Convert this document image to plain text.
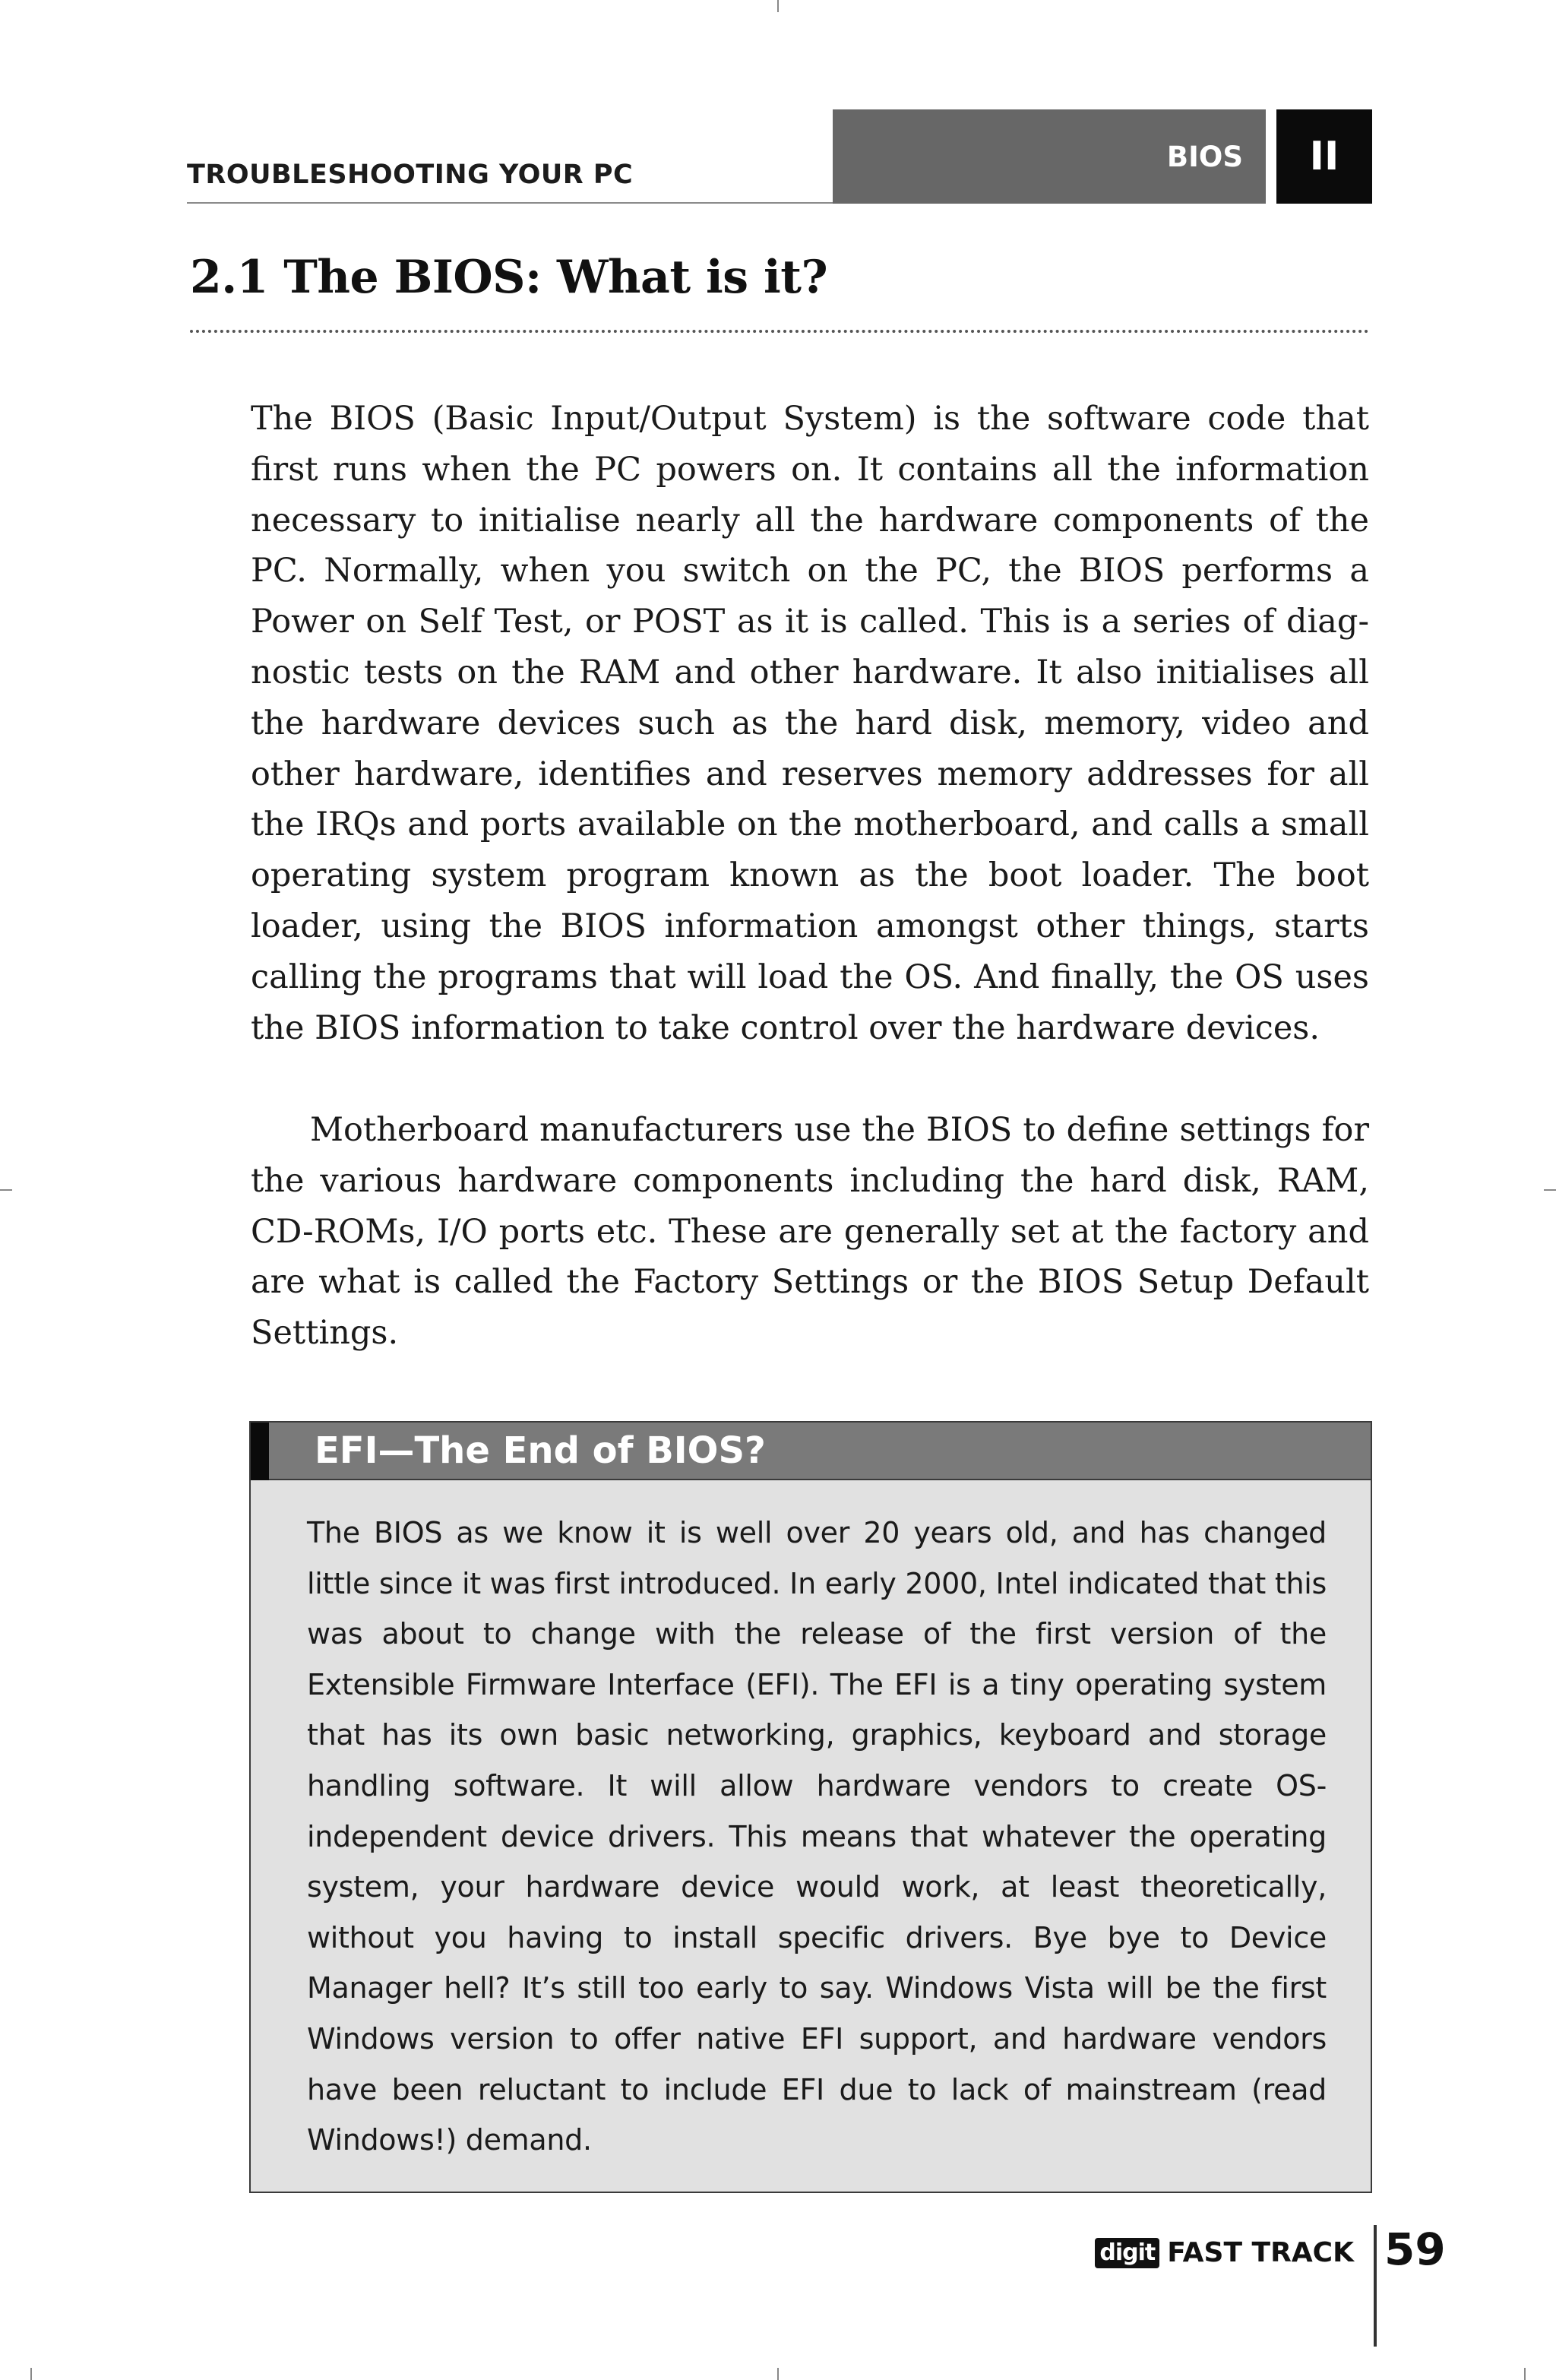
TROUBLESHOOTING YOUR PC
BIOS II
2.1 The BIOS: What is it?

The BIOS (Basic Input/Output System) is the software code that first runs when the PC powers on. It contains all the information necessary to initialise nearly all the hardware components of the PC. Normally, when you switch on the PC, the BIOS performs a Power on Self Test, or POST as it is called. This is a series of diagnostic tests on the RAM and other hardware. It also initialises all the hardware devices such as the hard disk, memory, video and other hardware, identifies and reserves memory addresses for all the IRQs and ports available on the motherboard, and calls a small operating system program known as the boot loader. The boot loader, using the BIOS information amongst other things, starts calling the programs that will load the OS. And finally, the OS uses the BIOS information to take control over the hardware devices.

Motherboard manufacturers use the BIOS to define settings for the various hardware components including the hard disk, RAM, CD-ROMs, I/O ports etc. These are generally set at the factory and are what is called the Factory Settings or the BIOS Setup Default Settings.

EFI—The End of BIOS?

The BIOS as we know it is well over 20 years old, and has changed little since it was first introduced. In early 2000, Intel indicated that this was about to change with the release of the first version of the Extensible Firmware Interface (EFI). The EFI is a tiny operating system that has its own basic networking, graphics, keyboard and storage handling software. It will allow hardware vendors to create OS-independent device drivers. This means that whatever the operating system, your hardware device would work, at least theoretically, without you having to install specific drivers. Bye bye to Device Manager hell? It’s still too early to say. Windows Vista will be the first Windows version to offer native EFI support, and hardware vendors have been reluctant to include EFI due to lack of mainstream (read Windows!) demand.

digit FAST TRACK 59
